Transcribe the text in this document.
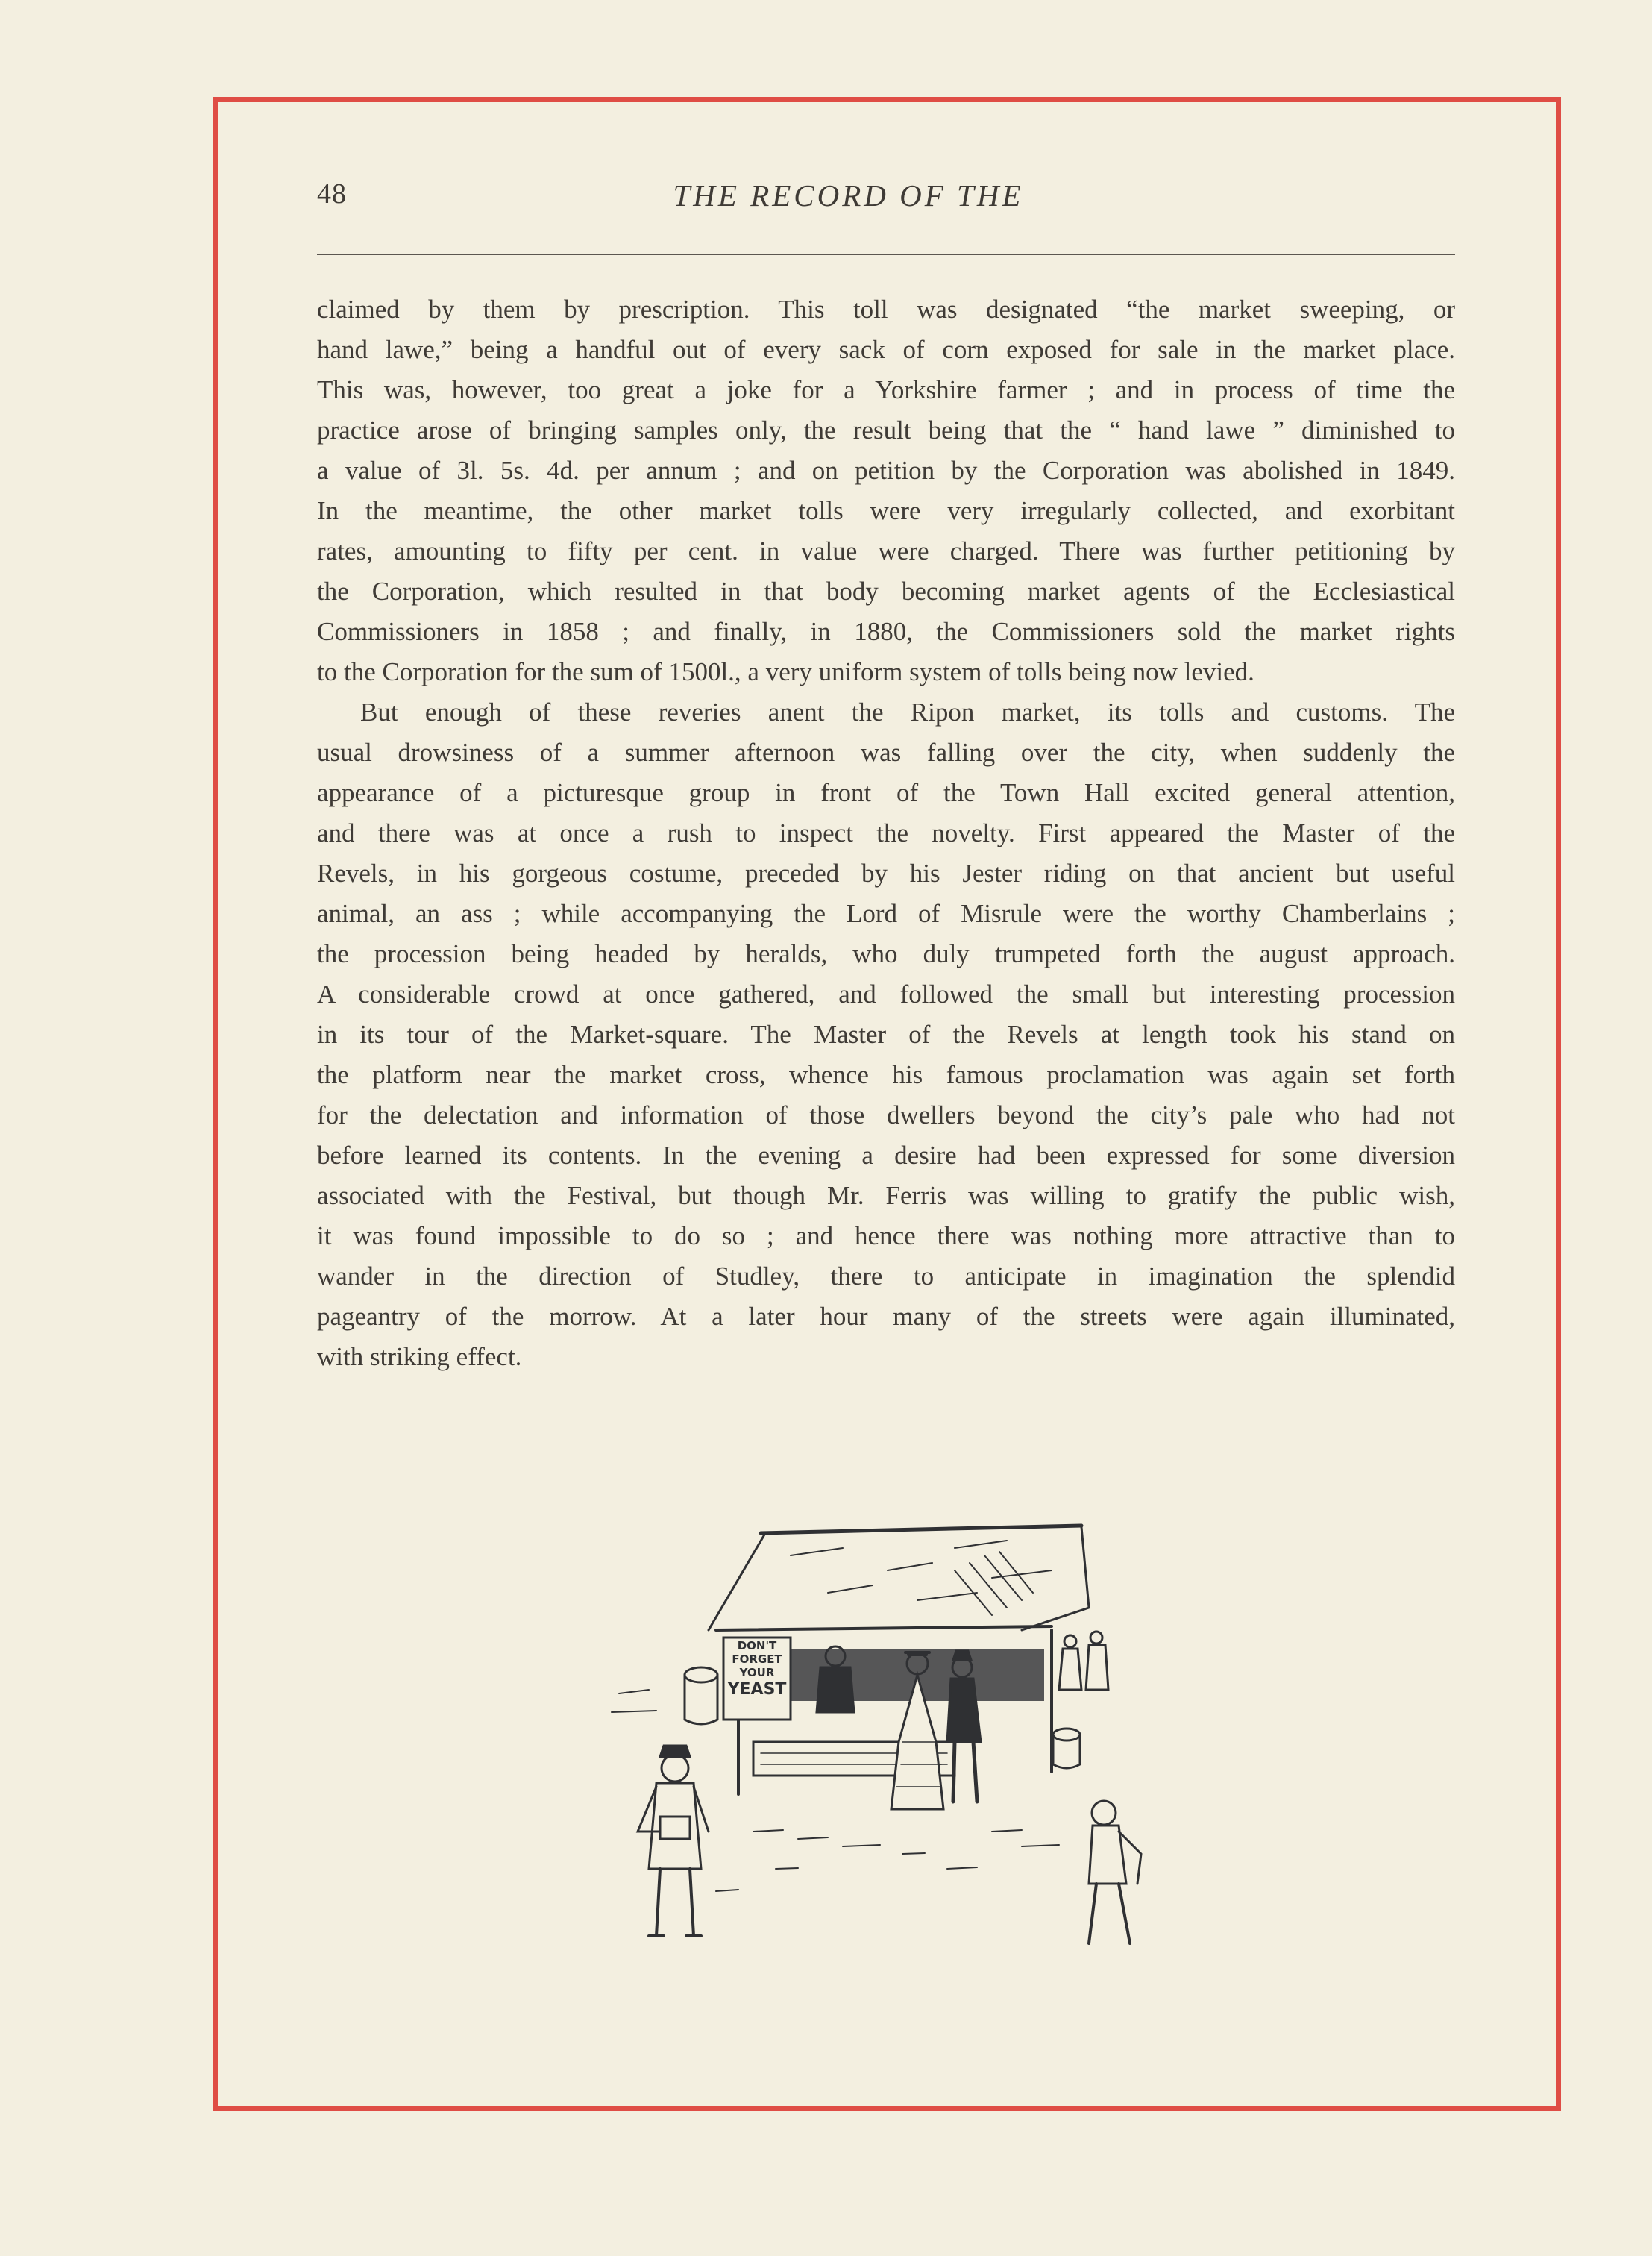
48	THE RECORD OF THE

claimed by them by prescription. This toll was designated “the market sweeping, or
hand lawe,” being a handful out of every sack of corn exposed for sale in the market place.
This was, however, too great a joke for a Yorkshire farmer ; and in process of time the
practice arose of bringing samples only, the result being that the “ hand lawe ” diminished to
a value of 3l. 5s. 4d. per annum ; and on petition by the Corporation was abolished in 1849.
In the meantime, the other market tolls were very irregularly collected, and exorbitant
rates, amounting to fifty per cent. in value were charged. There was further petitioning by
the Corporation, which resulted in that body becoming market agents of the Ecclesiastical
Commissioners in 1858 ; and finally, in 1880, the Commissioners sold the market rights
to the Corporation for the sum of 1500l., a very uniform system of tolls being now levied.

But enough of these reveries anent the Ripon market, its tolls and customs. The
usual drowsiness of a summer afternoon was falling over the city, when suddenly the
appearance of a picturesque group in front of the Town Hall excited general attention,
and there was at once a rush to inspect the novelty. First appeared the Master of the
Revels, in his gorgeous costume, preceded by his Jester riding on that ancient but useful
animal, an ass ; while accompanying the Lord of Misrule were the worthy Chamberlains ;
the procession being headed by heralds, who duly trumpeted forth the august approach.
A considerable crowd at once gathered, and followed the small but interesting procession
in its tour of the Market-square. The Master of the Revels at length took his stand on
the platform near the market cross, whence his famous proclamation was again set forth
for the delectation and information of those dwellers beyond the city’s pale who had not
before learned its contents. In the evening a desire had been expressed for some diversion
associated with the Festival, but though Mr. Ferris was willing to gratify the public wish,
it was found impossible to do so ; and hence there was nothing more attractive than to
wander in the direction of Studley, there to anticipate in imagination the splendid
pageantry of the morrow. At a later hour many of the streets were again illuminated,
with striking effect.

DON'T
FORGET
YOUR
YEAST
